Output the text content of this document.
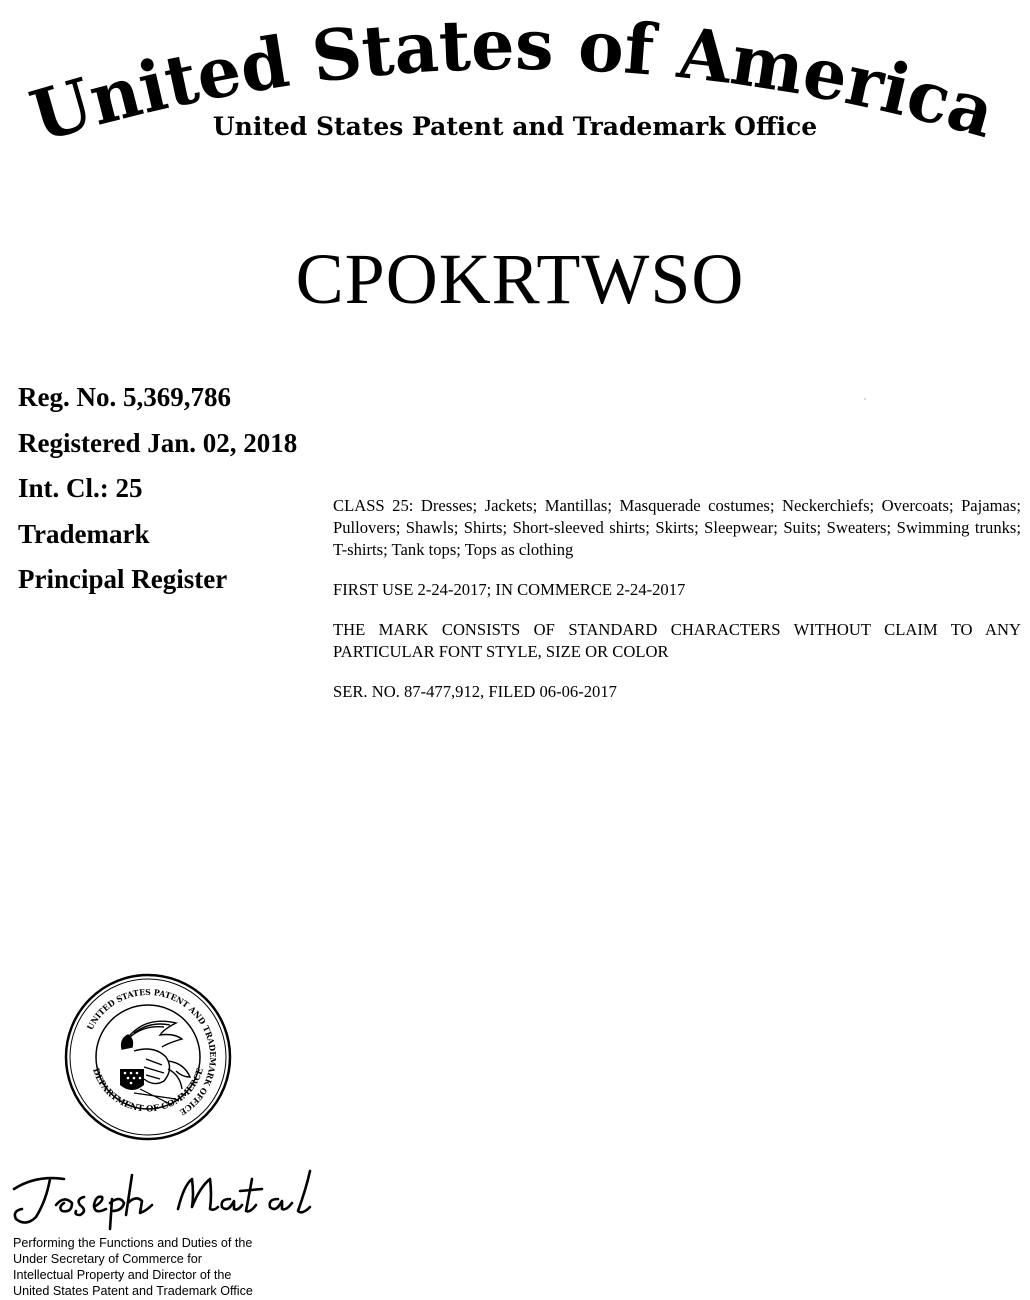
United States of America
United States Patent and Trademark Office
CPOKRTWSO
Reg. No. 5,369,786
Registered Jan. 02, 2018
Int. Cl.: 25
Trademark
Principal Register

CLASS 25: Dresses; Jackets; Mantillas; Masquerade costumes; Neckerchiefs; Overcoats; Pajamas; Pullovers; Shawls; Shirts; Short-sleeved shirts; Skirts; Sleepwear; Suits; Sweaters; Swimming trunks; T-shirts; Tank tops; Tops as clothing

FIRST USE 2-24-2017; IN COMMERCE 2-24-2017

THE MARK CONSISTS OF STANDARD CHARACTERS WITHOUT CLAIM TO ANY PARTICULAR FONT STYLE, SIZE OR COLOR

SER. NO. 87-477,912, FILED 06-06-2017

UNITED STATES PATENT AND TRADEMARK OFFICE
DEPARTMENT OF COMMERCE
Performing the Functions and Duties of the
Under Secretary of Commerce for
Intellectual Property and Director of the
United States Patent and Trademark Office
